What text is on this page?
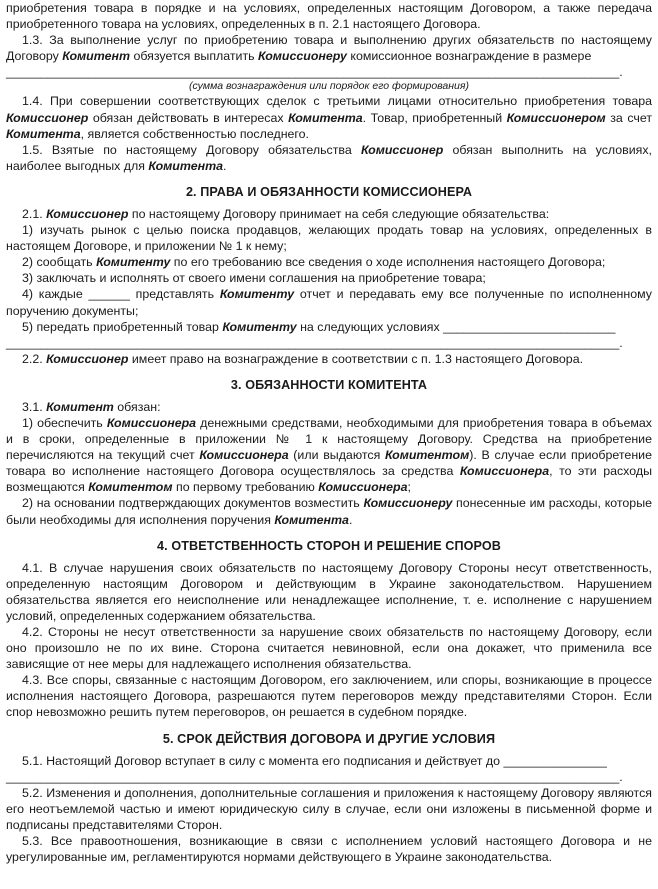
приобретения товара в порядке и на условиях, определенных настоящим Договором, а также передача приобретенного товара на условиях, определенных в п. 2.1 настоящего Договора.

1.3. За выполнение услуг по приобретению товара и выполнению других обязательств по настоящему Договору Комитент обязуется выплатить Комиссионеру комиссионное вознаграждение в размере

_________________________________________________________________________________________.

(сумма вознаграждения или порядок его формирования)

1.4. При совершении соответствующих сделок с третьими лицами относительно приобретения товара Комиссионер обязан действовать в интересах Комитента. Товар, приобретенный Комиссионером за счет Комитента, является собственностью последнего.

1.5. Взятые по настоящему Договору обязательства Комиссионер обязан выполнить на условиях, наиболее выгодных для Комитента.

2. ПРАВА И ОБЯЗАННОСТИ КОМИССИОНЕРА

2.1. Комиссионер по настоящему Договору принимает на себя следующие обязательства:

1) изучать рынок с целью поиска продавцов, желающих продать товар на условиях, определенных в настоящем Договоре, и приложении № 1 к нему;

2) сообщать Комитенту по его требованию все сведения о ходе исполнения настоящего Договора;

3) заключать и исполнять от своего имени соглашения на приобретение товара;

4) каждые ______ представлять Комитенту отчет и передавать ему все полученные по исполненному поручению документы;

5) передать приобретенный товар Комитенту на следующих условиях _________________________

_________________________________________________________________________________________.

2.2. Комиссионер имеет право на вознаграждение в соответствии с п. 1.3 настоящего Договора.

3. ОБЯЗАННОСТИ КОМИТЕНТА

3.1. Комитент обязан:

1) обеспечить Комиссионера денежными средствами, необходимыми для приобретения товара в объемах и в сроки, определенные в приложении № 1 к настоящему Договору. Средства на приобретение перечисляются на текущий счет Комиссионера (или выдаются Комитентом). В случае если приобретение товара во исполнение настоящего Договора осуществлялось за средства Комиссионера, то эти расходы возмещаются Комитентом по первому требованию Комиссионера;

2) на основании подтверждающих документов возместить Комиссионеру понесенные им расходы, которые были необходимы для исполнения поручения Комитента.

4. ОТВЕТСТВЕННОСТЬ СТОРОН И РЕШЕНИЕ СПОРОВ

4.1. В случае нарушения своих обязательств по настоящему Договору Стороны несут ответственность, определенную настоящим Договором и действующим в Украине законодательством. Нарушением обязательства является его неисполнение или ненадлежащее исполнение, т. е. исполнение с нарушением условий, определенных содержанием обязательства.

4.2. Стороны не несут ответственности за нарушение своих обязательств по настоящему Договору, если оно произошло не по их вине. Сторона считается невиновной, если она докажет, что применила все зависящие от нее меры для надлежащего исполнения обязательства.

4.3. Все споры, связанные с настоящим Договором, его заключением, или споры, возникающие в процессе исполнения настоящего Договора, разрешаются путем переговоров между представителями Сторон. Если спор невозможно решить путем переговоров, он решается в судебном порядке.

5. СРОК ДЕЙСТВИЯ ДОГОВОРА И ДРУГИЕ УСЛОВИЯ

5.1. Настоящий Договор вступает в силу с момента его подписания и действует до _______________

_________________________________________________________________________________________.

5.2. Изменения и дополнения, дополнительные соглашения и приложения к настоящему Договору являются его неотъемлемой частью и имеют юридическую силу в случае, если они изложены в письменной форме и подписаны представителями Сторон.

5.3. Все правоотношения, возникающие в связи с исполнением условий настоящего Договора и не урегулированные им, регламентируются нормами действующего в Украине законодательства.
